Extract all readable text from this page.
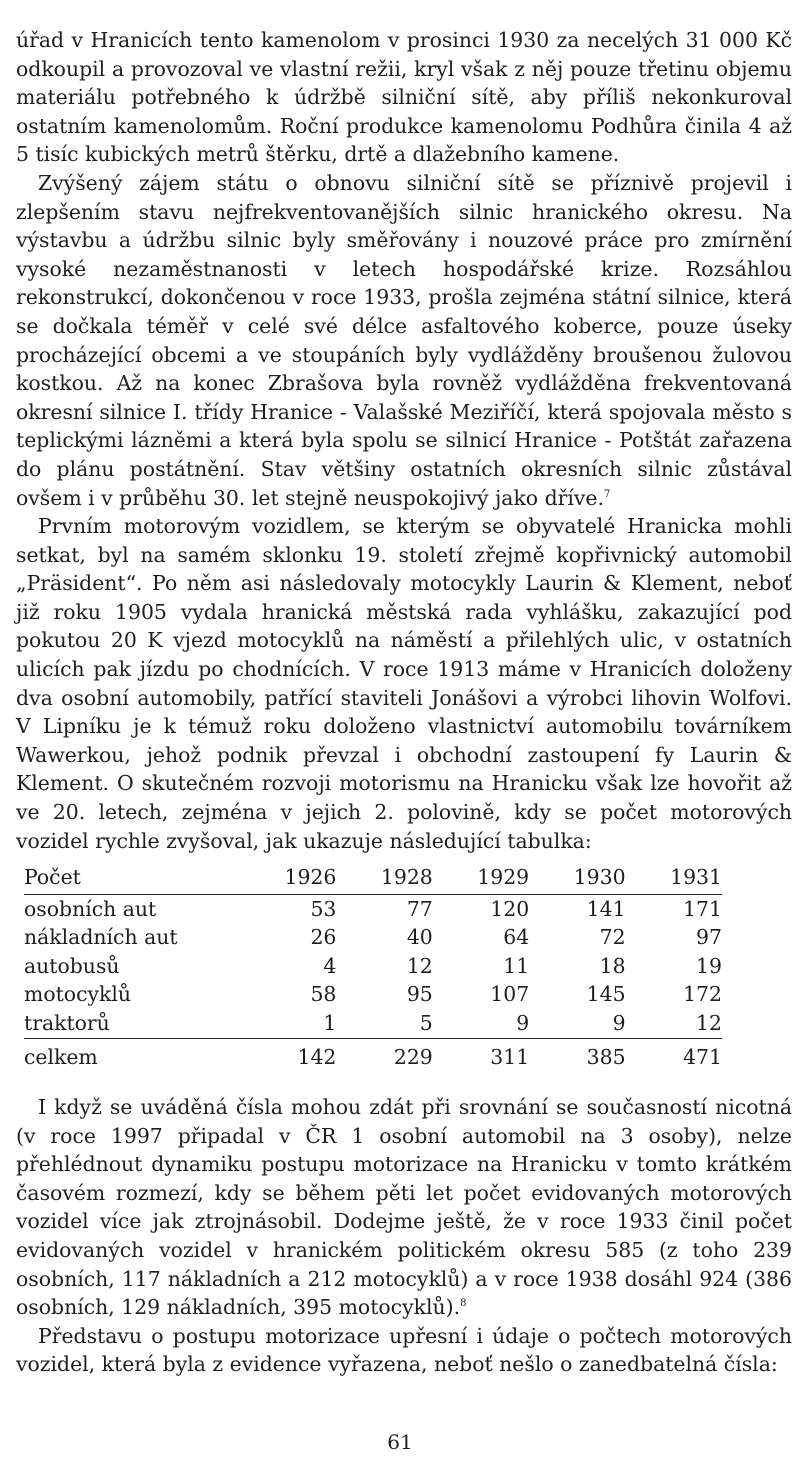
úřad v Hranicích tento kamenolom v prosinci 1930 za necelých 31 000 Kč odkoupil a provozoval ve vlastní režii, kryl však z něj pouze třetinu objemu materiálu potřebného k údržbě silniční sítě, aby příliš nekonkuroval ostatním kamenolomům. Roční produkce kamenolomu Podhůra činila 4 až 5 tisíc kubických metrů štěrku, drtě a dlažebního kamene.

Zvýšený zájem státu o obnovu silniční sítě se příznivě projevil i zlepšením stavu nejfrekventovanějších silnic hranického okresu. Na výstavbu a údržbu silnic byly směřovány i nouzové práce pro zmírnění vysoké nezaměstnanosti v letech hospodářské krize. Rozsáhlou rekonstrukcí, dokončenou v roce 1933, prošla zejména státní silnice, která se dočkala téměř v celé své délce asfaltového koberce, pouze úseky procházející obcemi a ve stoupáních byly vydlážděny broušenou žulovou kostkou. Až na konec Zbrašova byla rovněž vydlážděna frekventovaná okresní silnice I. třídy Hranice - Valašské Meziříčí, která spojovala město s teplickými lázněmi a která byla spolu se silnicí Hranice - Potštát zařazena do plánu postátnění. Stav většiny ostatních okresních silnic zůstával ovšem i v průběhu 30. let stejně neuspokojivý jako dříve.$^7$

Prvním motorovým vozidlem, se kterým se obyvatelé Hranicka mohli setkat, byl na samém sklonku 19. století zřejmě kopřivnický automobil „Präsident“. Po něm asi následovaly motocykly Laurin & Klement, neboť již roku 1905 vydala hranická městská rada vyhlášku, zakazující pod pokutou 20 K vjezd motocyklů na náměstí a přilehlých ulic, v ostatních ulicích pak jízdu po chodnících. V roce 1913 máme v Hranicích doloženy dva osobní automobily, patřící staviteli Jonášovi a výrobci lihovin Wolfovi. V Lipníku je k témuž roku doloženo vlastnictví automobilu továrníkem Wawerkou, jehož podnik převzal i obchodní zastoupení fy Laurin & Klement. O skutečném rozvoji motorismu na Hranicku však lze hovořit až ve 20. letech, zejména v jejich 2. polovině, kdy se počet motorových vozidel rychle zvyšoval, jak ukazuje následující tabulka:

Počet	1926	1928	1929	1930	1931
osobních aut	53	77	120	141	171
nákladních aut	26	40	64	72	97
autobusů	4	12	11	18	19
motocyklů	58	95	107	145	172
traktorů	1	5	9	9	12
celkem	142	229	311	385	471

I když se uváděná čísla mohou zdát při srovnání se současností nicotná (v roce 1997 připadal v ČR 1 osobní automobil na 3 osoby), nelze přehlédnout dynamiku postupu motorizace na Hranicku v tomto krátkém časovém rozmezí, kdy se během pěti let počet evidovaných motorových vozidel více jak ztrojnásobil. Dodejme ještě, že v roce 1933 činil počet evidovaných vozidel v hranickém politickém okresu 585 (z toho 239 osobních, 117 nákladních a 212 motocyklů) a v roce 1938 dosáhl 924 (386 osobních, 129 nákladních, 395 motocyklů).$^8$

Představu o postupu motorizace upřesní i údaje o počtech motorových vozidel, která byla z evidence vyřazena, neboť nešlo o zanedbatelná čísla:

61
